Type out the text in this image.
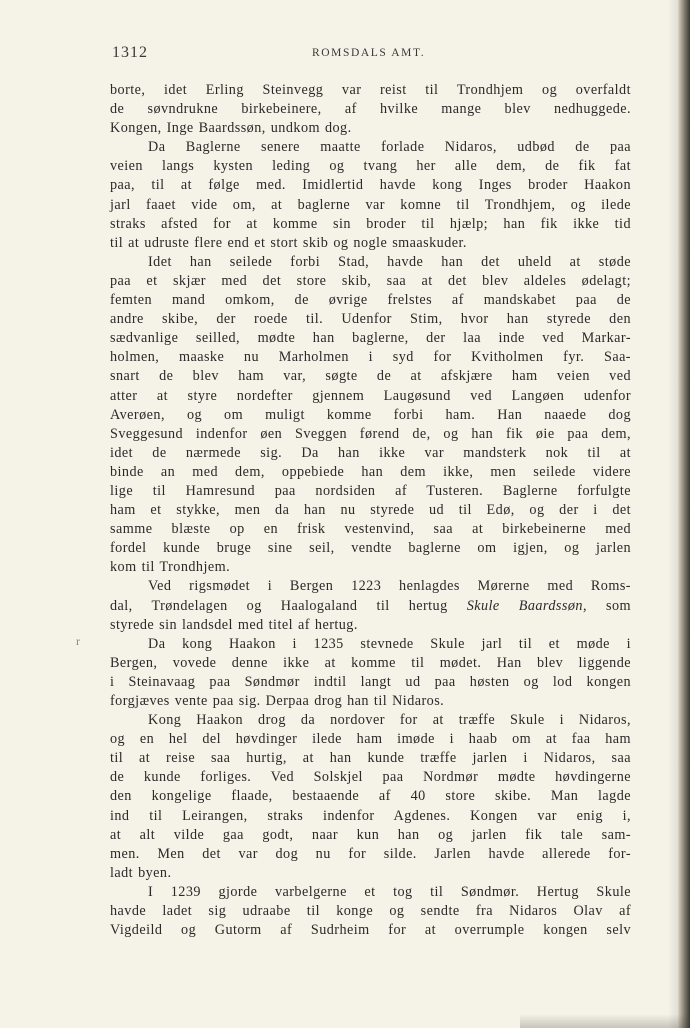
1312	ROMSDALS AMT.
r
borte, idet Erling Steinvegg var reist til Trondhjem og overfaldt
de søvndrukne birkebeinere, af hvilke mange blev nedhuggede.
Kongen, Inge Baardssøn, undkom dog.
Da Baglerne senere maatte forlade Nidaros, udbød de paa
veien langs kysten leding og tvang her alle dem, de fik fat
paa, til at følge med. Imidlertid havde kong Inges broder Haakon
jarl faaet vide om, at baglerne var komne til Trondhjem, og ilede
straks afsted for at komme sin broder til hjælp; han fik ikke tid
til at udruste flere end et stort skib og nogle smaaskuder.
Idet han seilede forbi Stad, havde han det uheld at støde
paa et skjær med det store skib, saa at det blev aldeles ødelagt;
femten mand omkom, de øvrige frelstes af mandskabet paa de
andre skibe, der roede til. Udenfor Stim, hvor han styrede den
sædvanlige seilled, mødte han baglerne, der laa inde ved Markar-
holmen, maaske nu Marholmen i syd for Kvitholmen fyr. Saa-
snart de blev ham var, søgte de at afskjære ham veien ved
atter at styre nordefter gjennem Laugøsund ved Langøen udenfor
Averøen, og om muligt komme forbi ham. Han naaede dog
Sveggesund indenfor øen Sveggen førend de, og han fik øie paa dem,
idet de nærmede sig. Da han ikke var mandsterk nok til at
binde an med dem, oppebiede han dem ikke, men seilede videre
lige til Hamresund paa nordsiden af Tusteren. Baglerne forfulgte
ham et stykke, men da han nu styrede ud til Edø, og der i det
samme blæste op en frisk vestenvind, saa at birkebeinerne med
fordel kunde bruge sine seil, vendte baglerne om igjen, og jarlen
kom til Trondhjem.
Ved rigsmødet i Bergen 1223 henlagdes Mørerne med Roms-
dal, Trøndelagen og Haalogaland til hertug Skule Baardssøn, som
styrede sin landsdel med titel af hertug.
Da kong Haakon i 1235 stevnede Skule jarl til et møde i
Bergen, vovede denne ikke at komme til mødet. Han blev liggende
i Steinavaag paa Søndmør indtil langt ud paa høsten og lod kongen
forgjæves vente paa sig. Derpaa drog han til Nidaros.
Kong Haakon drog da nordover for at træffe Skule i Nidaros,
og en hel del høvdinger ilede ham imøde i haab om at faa ham
til at reise saa hurtig, at han kunde træffe jarlen i Nidaros, saa
de kunde forliges. Ved Solskjel paa Nordmør mødte høvdingerne
den kongelige flaade, bestaaende af 40 store skibe. Man lagde
ind til Leirangen, straks indenfor Agdenes. Kongen var enig i,
at alt vilde gaa godt, naar kun han og jarlen fik tale sam-
men. Men det var dog nu for silde. Jarlen havde allerede for-
ladt byen.
I 1239 gjorde varbelgerne et tog til Søndmør. Hertug Skule
havde ladet sig udraabe til konge og sendte fra Nidaros Olav af
Vigdeild og Gutorm af Sudrheim for at overrumple kongen selv
